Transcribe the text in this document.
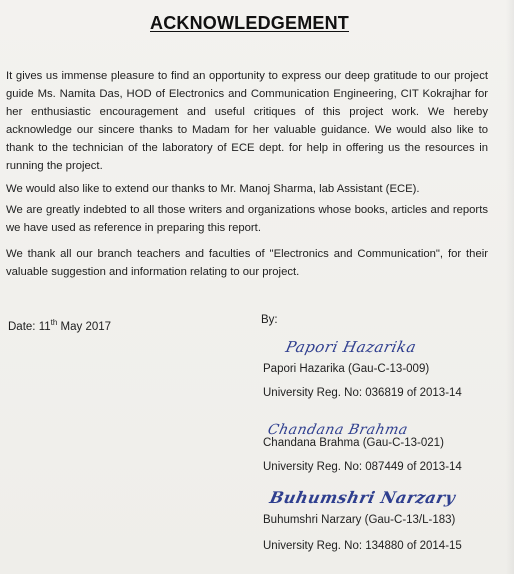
ACKNOWLEDGEMENT
It gives us immense pleasure to find an opportunity to express our deep gratitude to our project guide Ms. Namita Das, HOD of Electronics and Communication Engineering, CIT Kokrajhar for her enthusiastic encouragement and useful critiques of this project work. We hereby acknowledge our sincere thanks to Madam for her valuable guidance. We would also like to thank to the technician of the laboratory of ECE dept. for help in offering us the resources in running the project.
We would also like to extend our thanks to Mr. Manoj Sharma, lab Assistant (ECE).
We are greatly indebted to all those writers and organizations whose books, articles and reports we have used as reference in preparing this report.
We thank all our branch teachers and faculties of "Electronics and Communication", for their valuable suggestion and information relating to our project.
Date: 11th May 2017
By:
Papori Hazarika
Papori Hazarika (Gau-C-13-009)
University Reg. No: 036819 of 2013-14
Chandana Brahma
Chandana Brahma (Gau-C-13-021)
University Reg. No: 087449 of 2013-14
Buhumshri Narzary
Buhumshri Narzary (Gau-C-13/L-183)
University Reg. No: 134880 of 2014-15
